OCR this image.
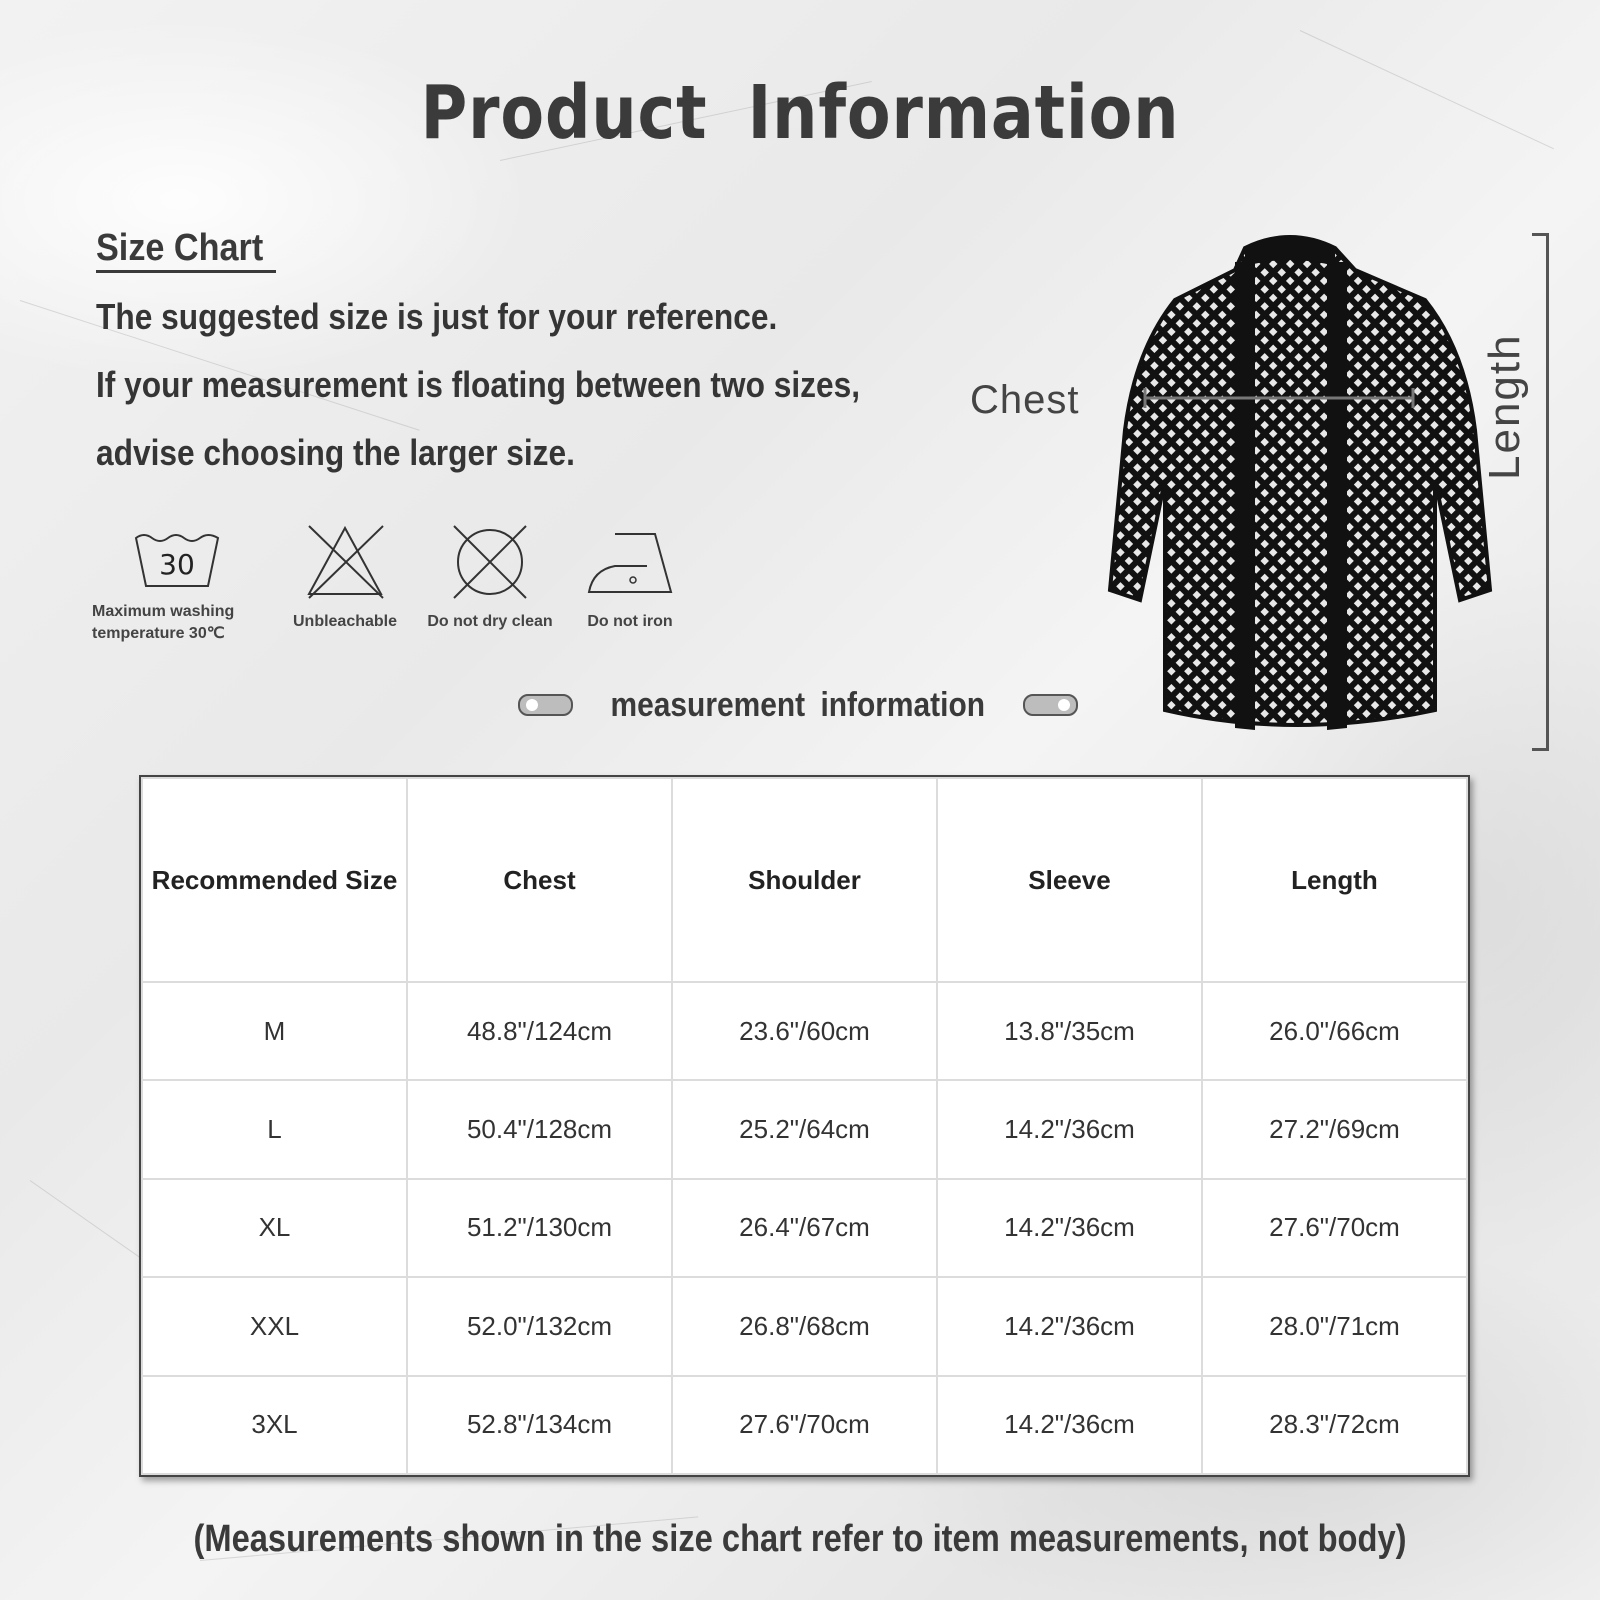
Product Information
Size Chart
The suggested size is just for your reference.
If your measurement is floating between two sizes,
advise choosing the larger size.
30
Maximum washing
temperature 30℃
Unbleachable	Do not dry clean	Do not iron
measurement information
Chest	Length
Recommended Size	Chest	Shoulder	Sleeve	Length
M	48.8"/124cm	23.6"/60cm	13.8"/35cm	26.0"/66cm
L	50.4"/128cm	25.2"/64cm	14.2"/36cm	27.2"/69cm
XL	51.2"/130cm	26.4"/67cm	14.2"/36cm	27.6"/70cm
XXL	52.0"/132cm	26.8"/68cm	14.2"/36cm	28.0"/71cm
3XL	52.8"/134cm	27.6"/70cm	14.2"/36cm	28.3"/72cm
(Measurements shown in the size chart refer to item measurements, not body)
